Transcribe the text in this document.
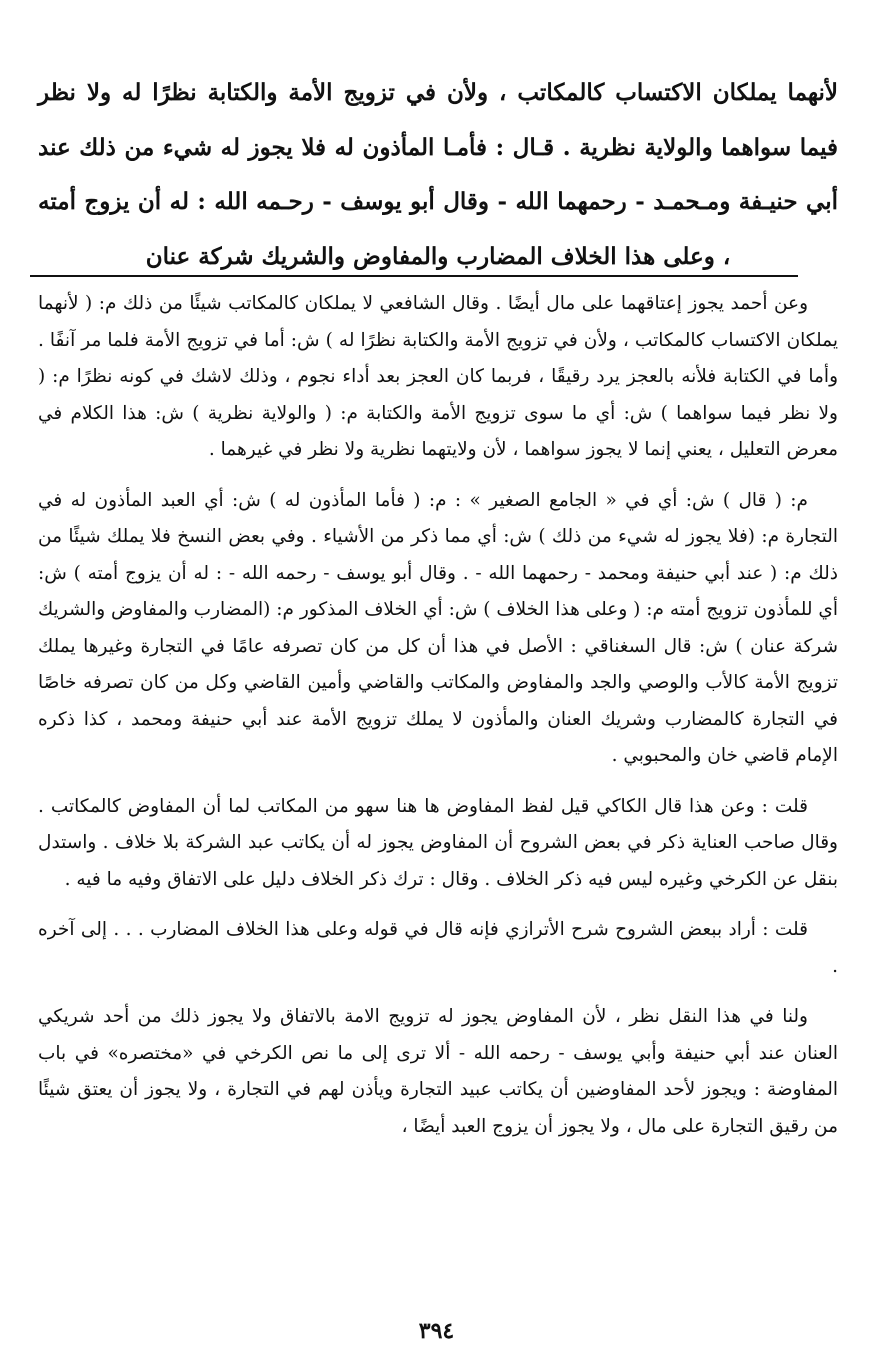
لأنهما يملكان الاكتساب كالمكاتب ، ولأن في تزويج الأمة والكتابة نظرًا له ولا نظر فيما سواهما والولاية نظرية . قـال : فأمـا المأذون له فلا يجوز له شيء من ذلك عند أبي حنيـفة ومـحمـد - رحمهما الله - وقال أبو يوسف - رحـمه الله : له أن يزوج أمته ، وعلى هذا الخلاف المضارب والمفاوض والشريك شركة عنان

وعن أحمد يجوز إعتاقهما على مال أيضًا . وقال الشافعي لا يملكان كالمكاتب شيئًا من ذلك م: ( لأنهما يملكان الاكتساب كالمكاتب ، ولأن في تزويج الأمة والكتابة نظرًا له ) ش: أما في تزويج الأمة فلما مر آنفًا . وأما في الكتابة فلأنه بالعجز يرد رقيقًا ، فربما كان العجز بعد أداء نجوم ، وذلك لاشك في كونه نظرًا م: ( ولا نظر فيما سواهما ) ش: أي ما سوى تزويج الأمة والكتابة م: ( والولاية نظرية ) ش: هذا الكلام في معرض التعليل ، يعني إنما لا يجوز سواهما ، لأن ولايتهما نظرية ولا نظر في غيرهما .

م: ( قال ) ش: أي في « الجامع الصغير » : م: ( فأما المأذون له ) ش: أي العبد المأذون له في التجارة م: (فلا يجوز له شيء من ذلك ) ش: أي مما ذكر من الأشياء . وفي بعض النسخ فلا يملك شيئًا من ذلك م: ( عند أبي حنيفة ومحمد - رحمهما الله - . وقال أبو يوسف - رحمه الله - : له أن يزوج أمته ) ش: أي للمأذون تزويج أمته م: ( وعلى هذا الخلاف ) ش: أي الخلاف المذكور م: (المضارب والمفاوض والشريك شركة عنان ) ش: قال السغناقي : الأصل في هذا أن كل من كان تصرفه عامًا في التجارة وغيرها يملك تزويج الأمة كالأب والوصي والجد والمفاوض والمكاتب والقاضي وأمين القاضي وكل من كان تصرفه خاصًا في التجارة كالمضارب وشريك العنان والمأذون لا يملك تزويج الأمة عند أبي حنيفة ومحمد ، كذا ذكره الإمام قاضي خان والمحبوبي .

قلت : وعن هذا قال الكاكي قيل لفظ المفاوض ها هنا سهو من المكاتب لما أن المفاوض كالمكاتب . وقال صاحب العناية ذكر في بعض الشروح أن المفاوض يجوز له أن يكاتب عبد الشركة بلا خلاف . واستدل بنقل عن الكرخي وغيره ليس فيه ذكر الخلاف . وقال : ترك ذكر الخلاف دليل على الاتفاق وفيه ما فيه .

قلت : أراد ببعض الشروح شرح الأترازي فإنه قال في قوله وعلى هذا الخلاف المضارب . . . إلى آخره .

ولنا في هذا النقل نظر ، لأن المفاوض يجوز له تزويج الامة بالاتفاق ولا يجوز ذلك من أحد شريكي العنان عند أبي حنيفة وأبي يوسف - رحمه الله - ألا ترى إلى ما نص الكرخي في «مختصره» في باب المفاوضة : ويجوز لأحد المفاوضين أن يكاتب عبيد التجارة ويأذن لهم في التجارة ، ولا يجوز أن يعتق شيئًا من رقيق التجارة على مال ، ولا يجوز أن يزوج العبد أيضًا ،

٣٩٤
